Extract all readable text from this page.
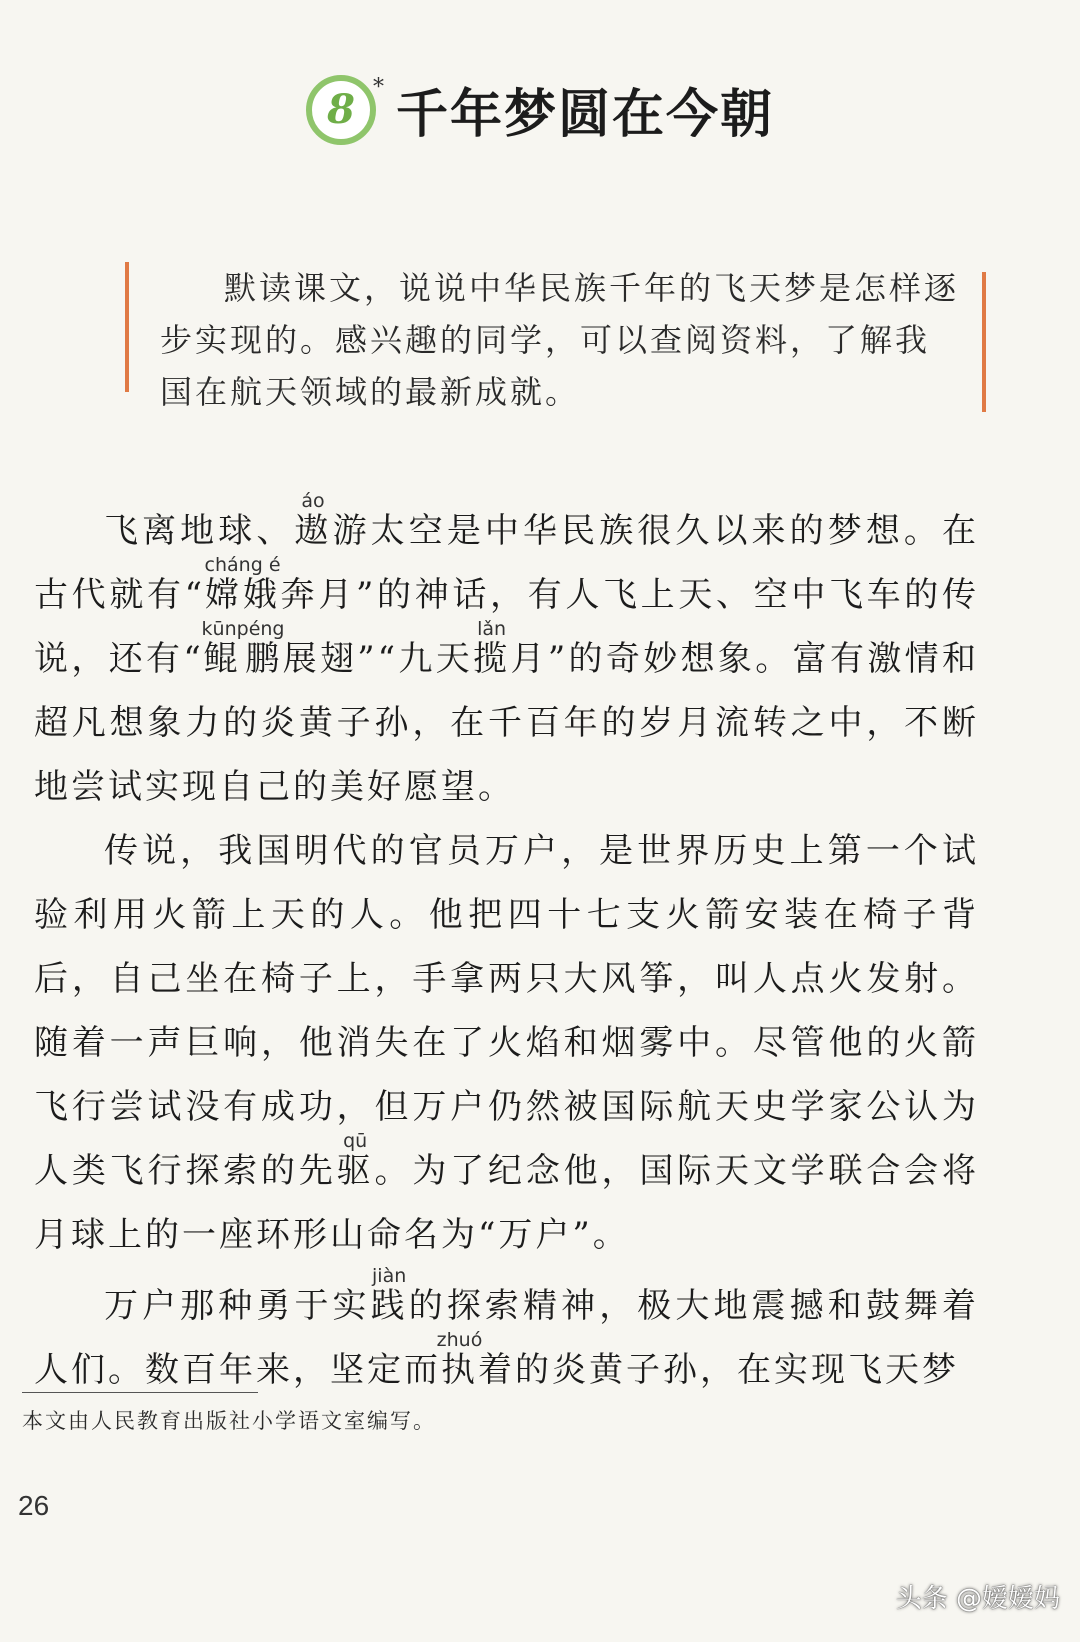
8 * 千年梦圆在今朝
默读课文，说说中华民族千年的飞天梦是怎样逐步实现的。感兴趣的同学，可以查阅资料，了解我国在航天领域的最新成就。

飞离地球、遨áo游太空是中华民族很久以来的梦想。在古代就有“嫦娥cháng é奔月”的神话，有人飞上天、空中飞车的传说，还有“鲲鹏kūnpéng展翅”“九天揽lǎn月”的奇妙想象。富有激情和超凡想象力的炎黄子孙，在千百年的岁月流转之中，不断地尝试实现自己的美好愿望。

传说，我国明代的官员万户，是世界历史上第一个试验利用火箭上天的人。他把四十七支火箭安装在椅子背后，自己坐在椅子上，手拿两只大风筝，叫人点火发射。随着一声巨响，他消失在了火焰和烟雾中。尽管他的火箭飞行尝试没有成功，但万户仍然被国际航天史学家公认为人类飞行探索的先驱qū。为了纪念他，国际天文学联合会将月球上的一座环形山命名为“万户”。

万户那种勇于实践jiàn的探索精神，极大地震撼和鼓舞着人们。数百年来，坚定而执zhuó着的炎黄子孙，在实现飞天梦

本文由人民教育出版社小学语文室编写。
26
头条 @嫒嫒妈
